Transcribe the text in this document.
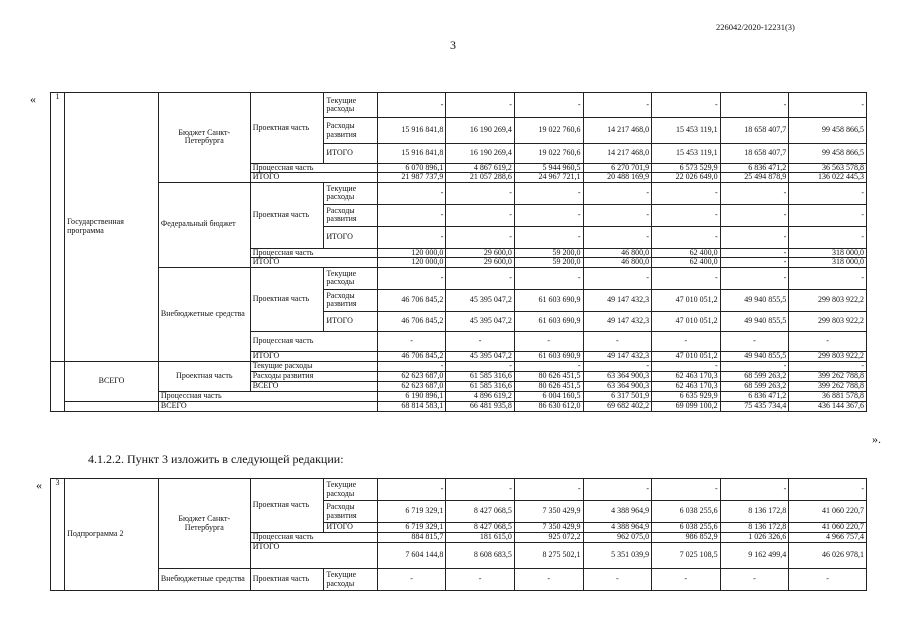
226042/2020-12231(3)
3
« 1	Государственная программа	Бюджет Санкт-Петербурга	Проектная часть	Текущие расходы	-	-	-	-	-	-	-
				Расходы развития	15 916 841,8	16 190 269,4	19 022 760,6	14 217 468,0	15 453 119,1	18 658 407,7	99 458 866,5
				ИТОГО	15 916 841,8	16 190 269,4	19 022 760,6	14 217 468,0	15 453 119,1	18 658 407,7	99 458 866,5
			Процессная часть		6 070 896,1	4 867 619,2	5 944 960,5	6 270 701,9	6 573 529,9	6 836 471,2	36 563 578,8
			ИТОГО		21 987 737,9	21 057 288,6	24 967 721,1	20 488 169,9	22 026 649,0	25 494 878,9	136 022 445,3
		Федеральный бюджет	Проектная часть	Текущие расходы	-	-	-	-	-	-	-
				Расходы развития	-	-	-	-	-	-	-
				ИТОГО	-	-	-	-	-	-	-
			Процессная часть		120 000,0	29 600,0	59 200,0	46 800,0	62 400,0	-	318 000,0
			ИТОГО		120 000,0	29 600,0	59 200,0	46 800,0	62 400,0	-	318 000,0
		Внебюджетные средства	Проектная часть	Текущие расходы	-	-	-	-	-	-	-
				Расходы развития	46 706 845,2	45 395 047,2	61 603 690,9	49 147 432,3	47 010 051,2	49 940 855,5	299 803 922,2
				ИТОГО	46 706 845,2	45 395 047,2	61 603 690,9	49 147 432,3	47 010 051,2	49 940 855,5	299 803 922,2
			Процессная часть		-	-	-	-	-	-	-
			ИТОГО		46 706 845,2	45 395 047,2	61 603 690,9	49 147 432,3	47 010 051,2	49 940 855,5	299 803 922,2
	ВСЕГО	Проектная часть	Текущие расходы		-	-	-	-	-	-	-
			Расходы развития		62 623 687,0	61 585 316,6	80 626 451,5	63 364 900,3	62 463 170,3	68 599 263,2	399 262 788,8
			ВСЕГО		62 623 687,0	61 585 316,6	80 626 451,5	63 364 900,3	62 463 170,3	68 599 263,2	399 262 788,8
		Процессная часть			6 190 896,1	4 896 619,2	6 004 160,5	6 317 501,9	6 635 929,9	6 836 471,2	36 881 578,8
		ВСЕГО			68 814 583,1	66 481 935,8	86 630 612,0	69 682 402,2	69 099 100,2	75 435 734,4	436 144 367,6
».
4.1.2.2. Пункт 3 изложить в следующей редакции:
« 3	Подпрограмма 2	Бюджет Санкт-Петербурга	Проектная часть	Текущие расходы	-	-	-	-	-	-	-
				Расходы развития	6 719 329,1	8 427 068,5	7 350 429,9	4 388 964,9	6 038 255,6	8 136 172,8	41 060 220,7
				ИТОГО	6 719 329,1	8 427 068,5	7 350 429,9	4 388 964,9	6 038 255,6	8 136 172,8	41 060 220,7
			Процессная часть		884 815,7	181 615,0	925 072,2	962 075,0	986 852,9	1 026 326,6	4 966 757,4
			ИТОГО		7 604 144,8	8 608 683,5	8 275 502,1	5 351 039,9	7 025 108,5	9 162 499,4	46 026 978,1
		Внебюджетные средства	Проектная часть	Текущие расходы	-	-	-	-	-	-	-
